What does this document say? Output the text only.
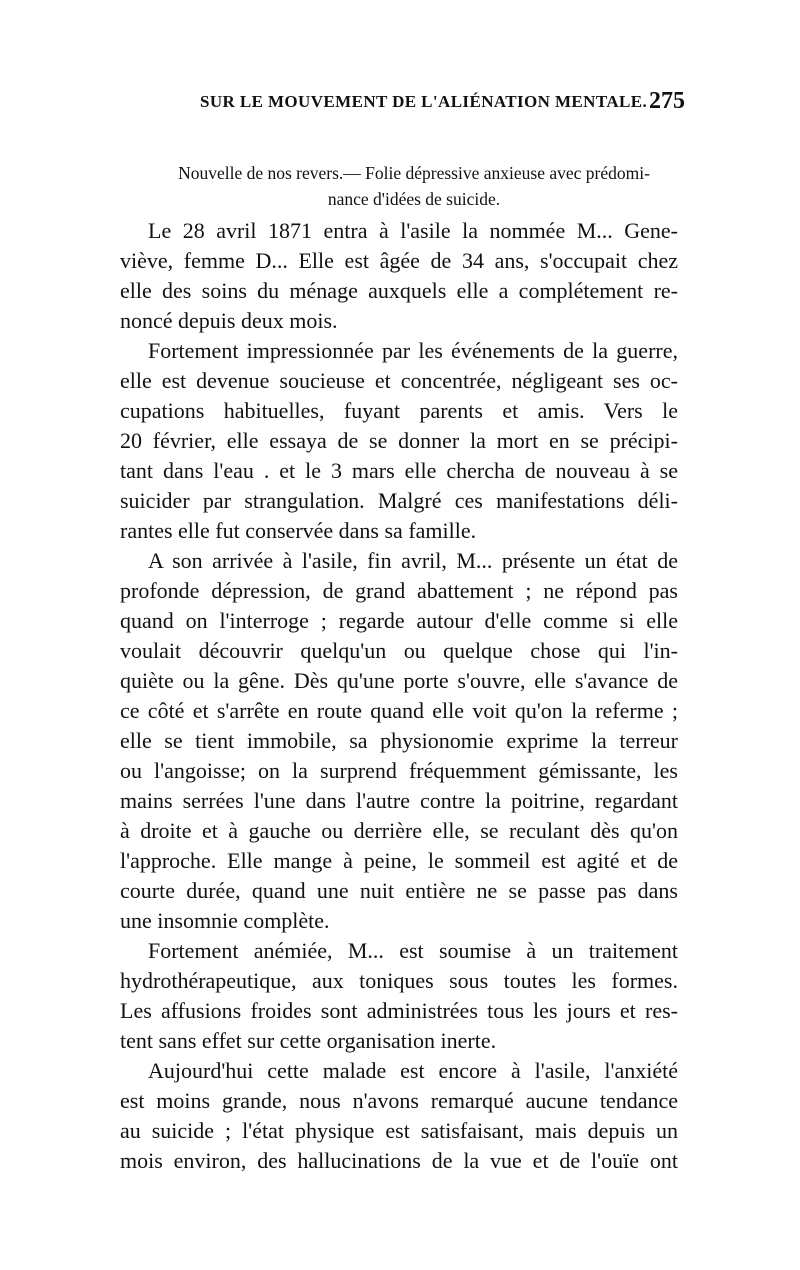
SUR LE MOUVEMENT DE L'ALIÉNATION MENTALE. 275
Nouvelle de nos revers.— Folie dépressive anxieuse avec prédomi-
nance d'idées de suicide.
Le 28 avril 1871 entra à l'asile la nommée M... Gene-
viève, femme D... Elle est âgée de 34 ans, s'occupait chez
elle des soins du ménage auxquels elle a complétement re-
noncé depuis deux mois.
Fortement impressionnée par les événements de la guerre,
elle est devenue soucieuse et concentrée, négligeant ses oc-
cupations habituelles, fuyant parents et amis. Vers le
20 février, elle essaya de se donner la mort en se précipi-
tant dans l'eau . et le 3 mars elle chercha de nouveau à se
suicider par strangulation. Malgré ces manifestations déli-
rantes elle fut conservée dans sa famille.
A son arrivée à l'asile, fin avril, M... présente un état de
profonde dépression, de grand abattement ; ne répond pas
quand on l'interroge ; regarde autour d'elle comme si elle
voulait découvrir quelqu'un ou quelque chose qui l'in-
quiète ou la gêne. Dès qu'une porte s'ouvre, elle s'avance de
ce côté et s'arrête en route quand elle voit qu'on la referme ;
elle se tient immobile, sa physionomie exprime la terreur
ou l'angoisse; on la surprend fréquemment gémissante, les
mains serrées l'une dans l'autre contre la poitrine, regardant
à droite et à gauche ou derrière elle, se reculant dès qu'on
l'approche. Elle mange à peine, le sommeil est agité et de
courte durée, quand une nuit entière ne se passe pas dans
une insomnie complète.
Fortement anémiée, M... est soumise à un traitement
hydrothérapeutique, aux toniques sous toutes les formes.
Les affusions froides sont administrées tous les jours et res-
tent sans effet sur cette organisation inerte.
Aujourd'hui cette malade est encore à l'asile, l'anxiété
est moins grande, nous n'avons remarqué aucune tendance
au suicide ; l'état physique est satisfaisant, mais depuis un
mois environ, des hallucinations de la vue et de l'ouïe ont
